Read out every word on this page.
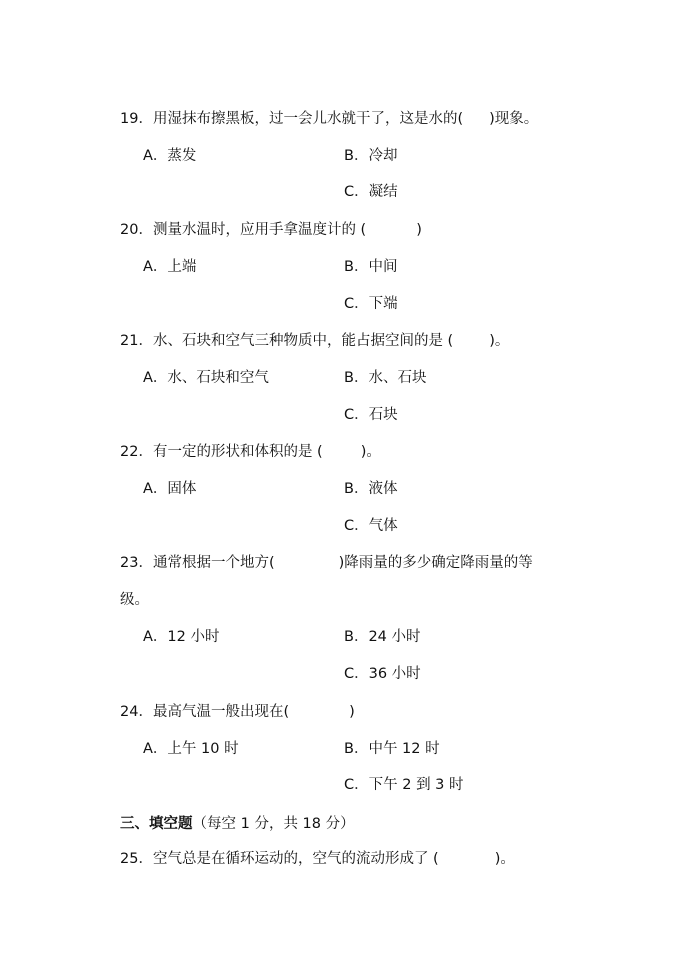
19．用湿抹布擦黑板，过一会儿水就干了，这是水的( )现象。
A．蒸发	B．冷却
C．凝结
20．测量水温时，应用手拿温度计的 (	)
A．上端	B．中间
C．下端
21．水、石块和空气三种物质中，能占据空间的是 ( )。
A．水、石块和空气	B．水、石块
C．石块
22．有一定的形状和体积的是 (	)。
A．固体	B．液体
C．气体
23．通常根据一个地方(	)降雨量的多少确定降雨量的等
级。
A．12 小时	B．24 小时
C．36 小时
24．最高气温一般出现在(	)
A．上午 10 时	B．中午 12 时
C．下午 2 到 3 时
三、填空题（每空 1 分，共 18 分）
25．空气总是在循环运动的，空气的流动形成了 (	)。
